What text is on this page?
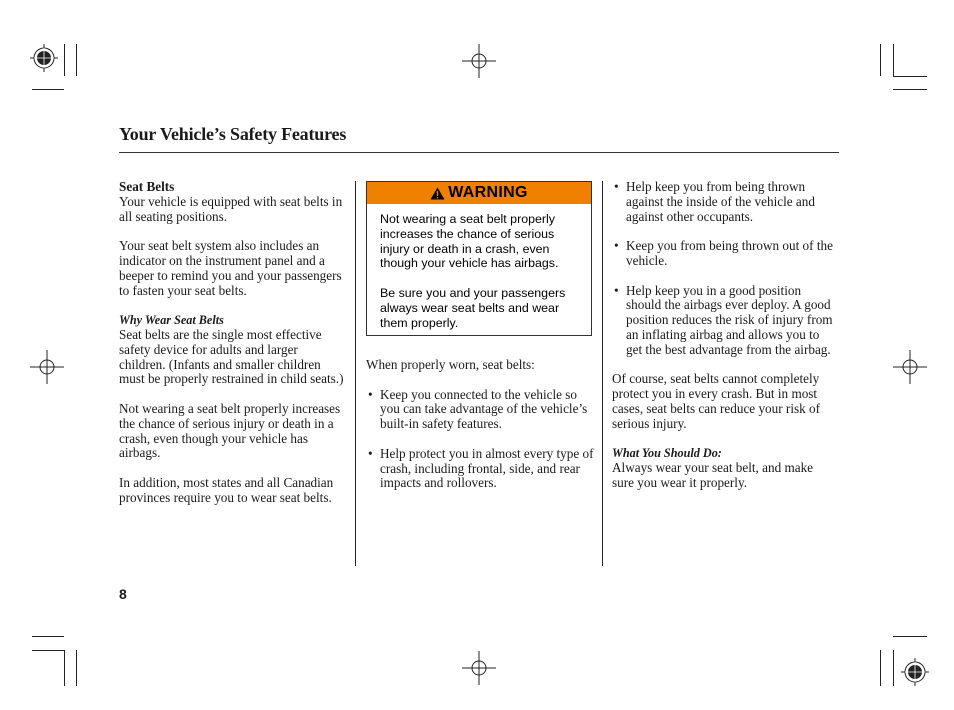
Your Vehicle’s Safety Features
Seat Belts

Your vehicle is equipped with seat belts in all seating positions.

Your seat belt system also includes an indicator on the instrument panel and a beeper to remind you and your passengers to fasten your seat belts.

Why Wear Seat Belts

Seat belts are the single most effective safety device for adults and larger children. (Infants and smaller children must be properly restrained in child seats.)

Not wearing a seat belt properly increases the chance of serious injury or death in a crash, even though your vehicle has airbags.

In addition, most states and all Canadian provinces require you to wear seat belts.

WARNING

Not wearing a seat belt properly increases the chance of serious injury or death in a crash, even though your vehicle has airbags.

Be sure you and your passengers always wear seat belts and wear them properly.

When properly worn, seat belts:

• Keep you connected to the vehicle so you can take advantage of the vehicle’s built-in safety features.
• Help protect you in almost every type of crash, including frontal, side, and rear impacts and rollovers.
• Help keep you from being thrown against the inside of the vehicle and against other occupants.
• Keep you from being thrown out of the vehicle.
• Help keep you in a good position should the airbags ever deploy. A good position reduces the risk of injury from an inflating airbag and allows you to get the best advantage from the airbag.

Of course, seat belts cannot completely protect you in every crash. But in most cases, seat belts can reduce your risk of serious injury.

What You Should Do:

Always wear your seat belt, and make sure you wear it properly.

8
